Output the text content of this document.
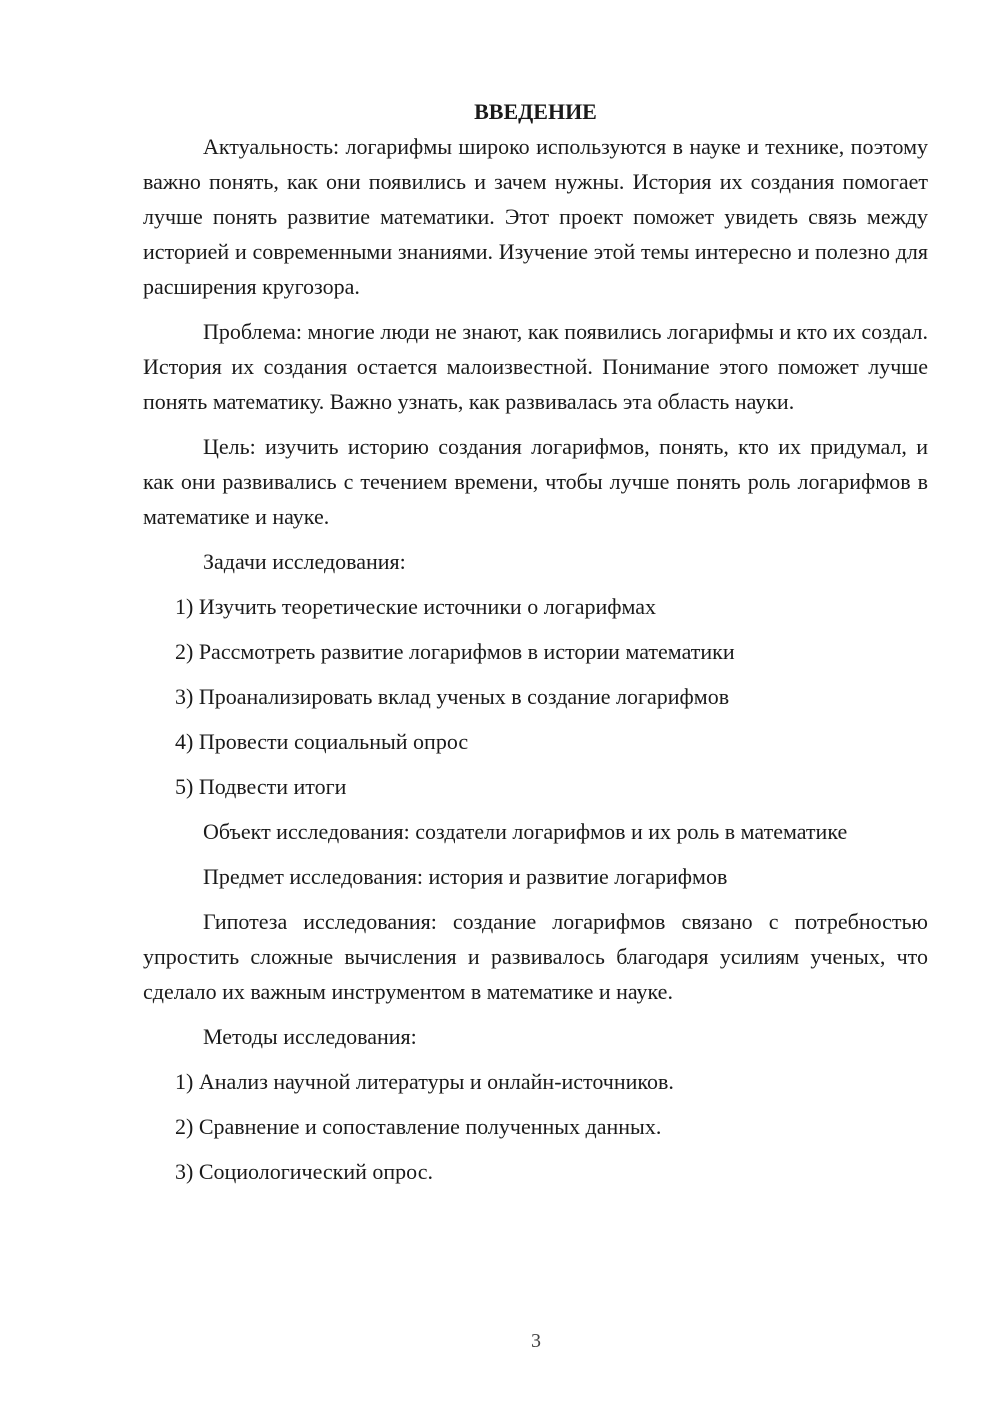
ВВЕДЕНИЕ

Актуальность: логарифмы широко используются в науке и технике, поэтому важно понять, как они появились и зачем нужны. История их создания помогает лучше понять развитие математики. Этот проект поможет увидеть связь между историей и современными знаниями. Изучение этой темы интересно и полезно для расширения кругозора.

Проблема: многие люди не знают, как появились логарифмы и кто их создал. История их создания остается малоизвестной. Понимание этого поможет лучше понять математику. Важно узнать, как развивалась эта область науки.

Цель: изучить историю создания логарифмов, понять, кто их придумал, и как они развивались с течением времени, чтобы лучше понять роль логарифмов в математике и науке.

Задачи исследования:

1) Изучить теоретические источники о логарифмах

2) Рассмотреть развитие логарифмов в истории математики

3) Проанализировать вклад ученых в создание логарифмов

4) Провести социальный опрос

5) Подвести итоги

Объект исследования: создатели логарифмов и их роль в математике

Предмет исследования: история и развитие логарифмов

Гипотеза исследования: создание логарифмов связано с потребностью упростить сложные вычисления и развивалось благодаря усилиям ученых, что сделало их важным инструментом в математике и науке.

Методы исследования:

1) Анализ научной литературы и онлайн-источников.

2) Сравнение и сопоставление полученных данных.

3) Социологический опрос.

3
